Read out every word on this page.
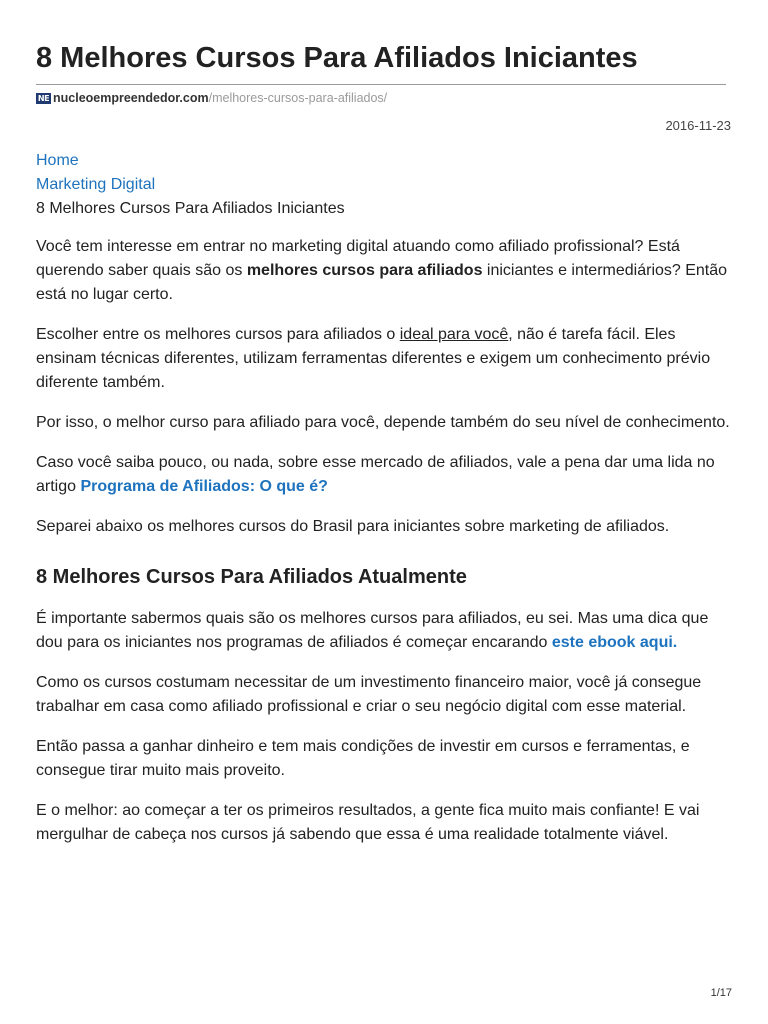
8 Melhores Cursos Para Afiliados Iniciantes
NE nucleoempreendedor.com /melhores-cursos-para-afiliados/
2016-11-23
Home
Marketing Digital
8 Melhores Cursos Para Afiliados Iniciantes

Você tem interesse em entrar no marketing digital atuando como afiliado profissional? Está querendo saber quais são os melhores cursos para afiliados iniciantes e intermediários? Então está no lugar certo.

Escolher entre os melhores cursos para afiliados o ideal para você, não é tarefa fácil. Eles ensinam técnicas diferentes, utilizam ferramentas diferentes e exigem um conhecimento prévio diferente também.

Por isso, o melhor curso para afiliado para você, depende também do seu nível de conhecimento.

Caso você saiba pouco, ou nada, sobre esse mercado de afiliados, vale a pena dar uma lida no artigo Programa de Afiliados: O que é?

Separei abaixo os melhores cursos do Brasil para iniciantes sobre marketing de afiliados.

8 Melhores Cursos Para Afiliados Atualmente

É importante sabermos quais são os melhores cursos para afiliados, eu sei. Mas uma dica que dou para os iniciantes nos programas de afiliados é começar encarando este ebook aqui.

Como os cursos costumam necessitar de um investimento financeiro maior, você já consegue trabalhar em casa como afiliado profissional e criar o seu negócio digital com esse material.

Então passa a ganhar dinheiro e tem mais condições de investir em cursos e ferramentas, e consegue tirar muito mais proveito.

E o melhor: ao começar a ter os primeiros resultados, a gente fica muito mais confiante! E vai mergulhar de cabeça nos cursos já sabendo que essa é uma realidade totalmente viável.

1/17
